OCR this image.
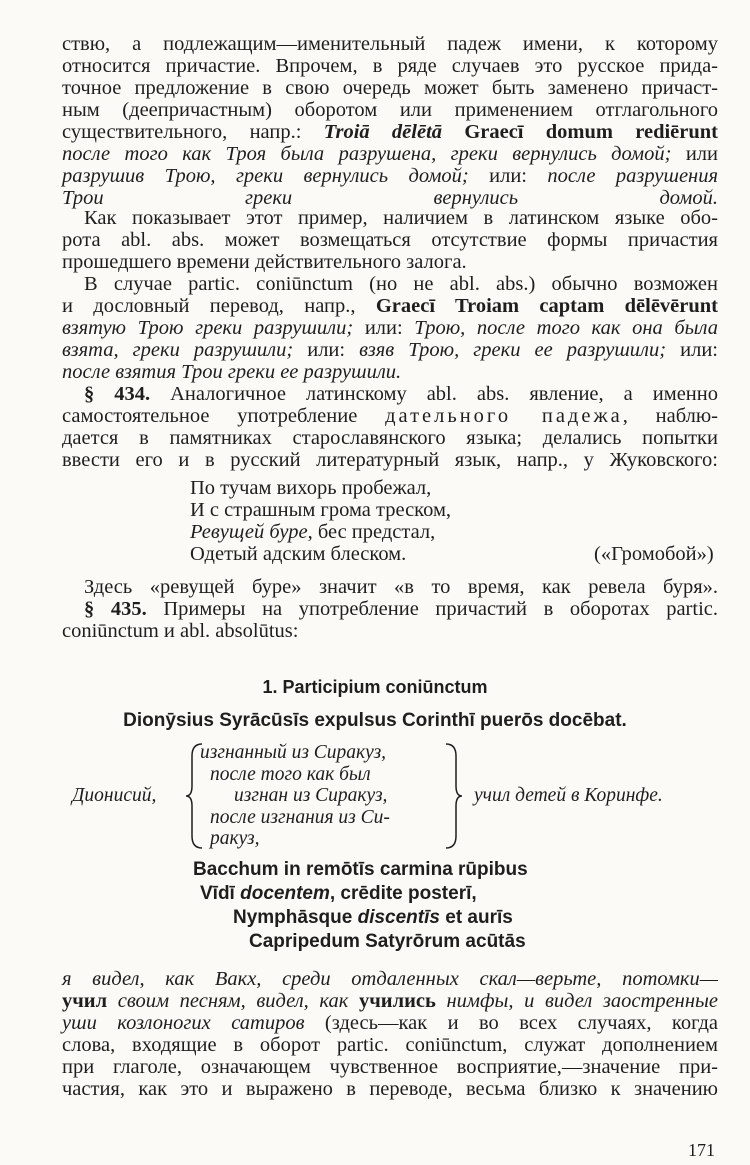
ствю, а подлежащим—именительный падеж имени, к которому
относится причастие. Впрочем, в ряде случаев это русское прида-
точное предложение в свою очередь может быть заменено причаст-
ным (деепричастным) оборотом или применением отглагольного
существительного, напр.: Troiā dēlētā Graecī domum rediērunt
после того как Троя была разрушена, греки вернулись домой; или
разрушив Трою, греки вернулись домой; или: после разрушения
Трои греки вернулись домой.
Как показывает этот пример, наличием в латинском языке обо-
рота abl. abs. может возмещаться отсутствие формы причастия
прошедшего времени действительного залога.
В случае partic. coniūnctum (но не abl. abs.) обычно возможен
и дословный перевод, напр., Graecī Troiam captam dēlēvērunt
взятую Трою греки разрушили; или: Трою, после того как она была
взята, греки разрушили; или: взяв Трою, греки ее разрушили; или:
после взятия Трои греки ее разрушили.
§ 434. Аналогичное латинскому abl. abs. явление, а именно
самостоятельное употребление дательного падежа, наблю-
дается в памятниках старославянского языка; делались попытки
ввести его и в русский литературный язык, напр., у Жуковского:
По тучам вихорь пробежал,
И с страшным грома треском,
Ревущей буре, бес предстал,
Одетый адским блеском.	(«Громобой»)
Здесь «ревущей буре» значит «в то время, как ревела буря».
§ 435. Примеры на употребление причастий в оборотах partic.
coniūnctum и abl. absolūtus:
1. Participium coniūnctum
Dionȳsius Syrācūsīs expulsus Corinthī puerōs docēbat.
Дионисий,
изгнанный из Сиракуз,
после того как был
изгнан из Сиракуз,
после изгнания из Си-
ракуз,
учил детей в Коринфе.
Bacchum in remōtīs carmina rūpibus
Vīdī docentem, crēdite posterī,
Nymphāsque discentīs et aurīs
Capripedum Satyrōrum acūtās
я видел, как Вакх, среди отдаленных скал—верьте, потомки—
учил своим песням, видел, как учились нимфы, и видел заостренные
уши козлоногих сатиров (здесь—как и во всех случаях, когда
слова, входящие в оборот partic. coniūnctum, служат дополнением
при глаголе, означающем чувственное восприятие,—значение при-
частия, как это и выражено в переводе, весьма близко к значению
171
